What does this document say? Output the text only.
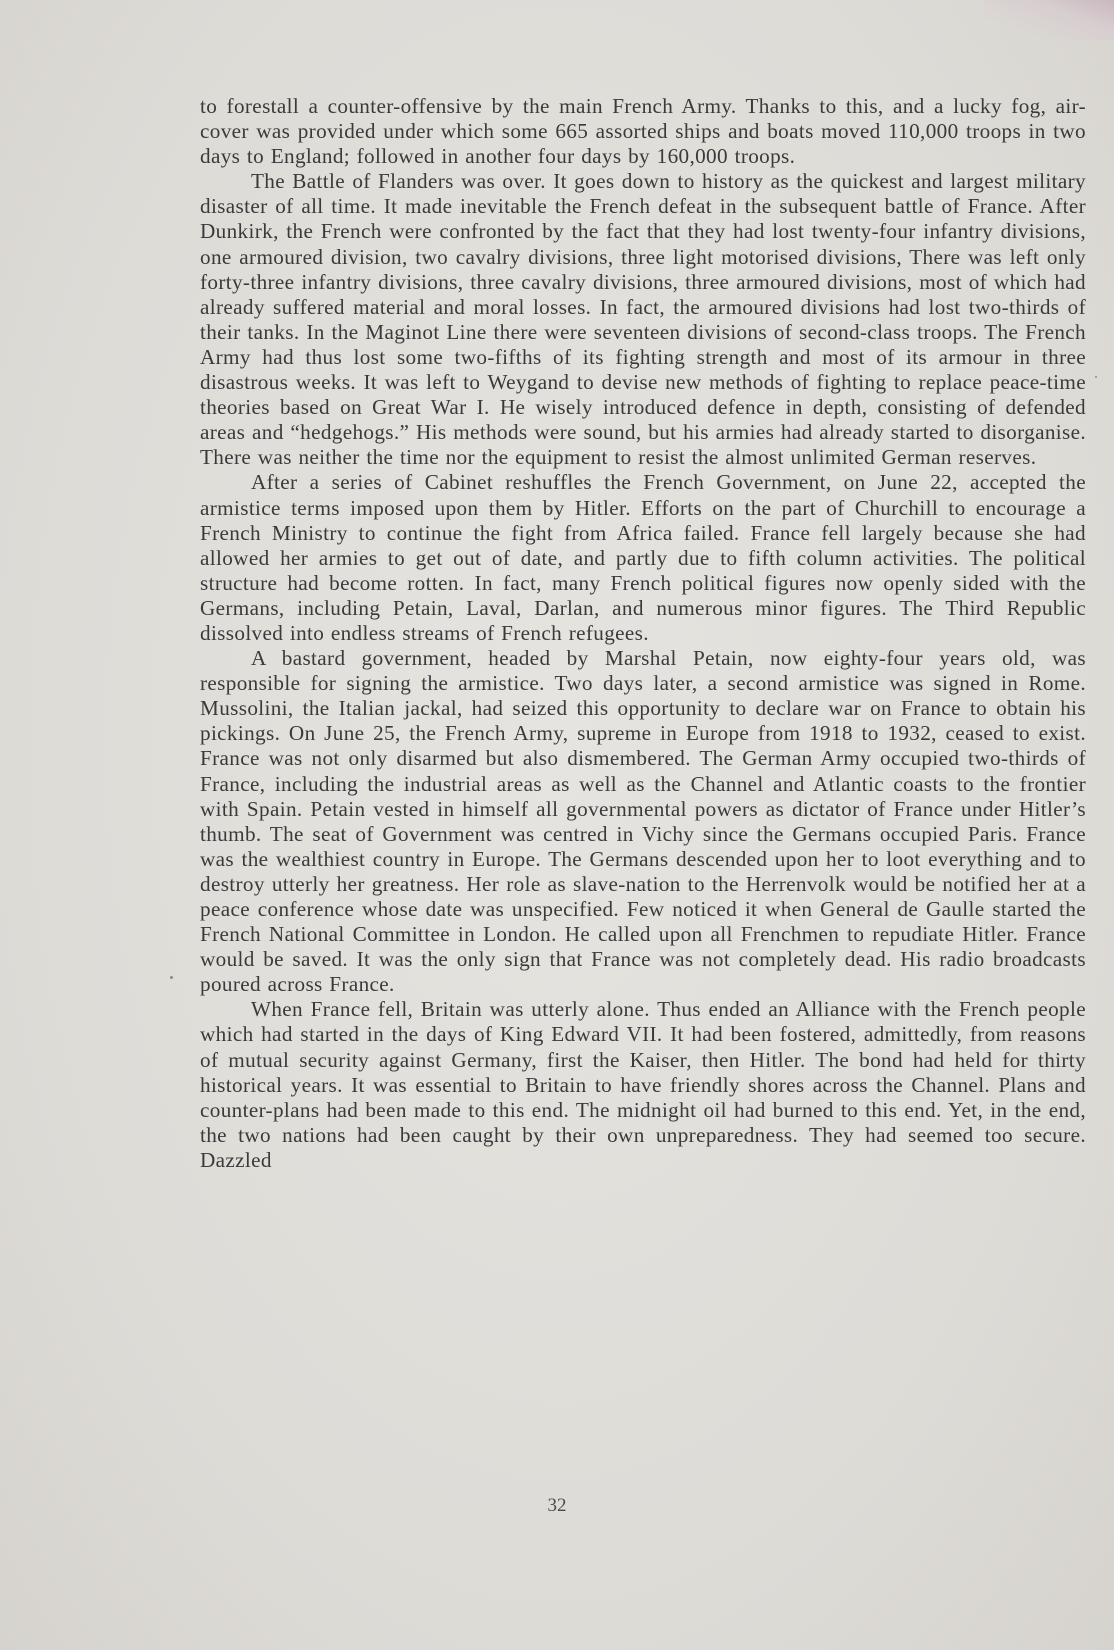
to forestall a counter-offensive by the main French Army. Thanks to this, and a lucky fog, air-cover was provided under which some 665 assorted ships and boats moved 110,000 troops in two days to England; followed in another four days by 160,000 troops.

The Battle of Flanders was over. It goes down to history as the quickest and largest military disaster of all time. It made inevitable the French defeat in the subsequent battle of France. After Dunkirk, the French were confronted by the fact that they had lost twenty-four infantry divisions, one armoured division, two cavalry divisions, three light motorised divisions, There was left only forty-three infantry divisions, three cavalry divisions, three armoured divisions, most of which had already suffered material and moral losses. In fact, the armoured divisions had lost two-thirds of their tanks. In the Maginot Line there were seventeen divisions of second-class troops. The French Army had thus lost some two-fifths of its fighting strength and most of its armour in three disastrous weeks. It was left to Weygand to devise new methods of fighting to replace peace-time theories based on Great War I. He wisely introduced defence in depth, consisting of defended areas and “hedgehogs.” His methods were sound, but his armies had already started to disorganise. There was neither the time nor the equipment to resist the almost unlimited German reserves.

After a series of Cabinet reshuffles the French Government, on June 22, accepted the armistice terms imposed upon them by Hitler. Efforts on the part of Churchill to encourage a French Ministry to continue the fight from Africa failed. France fell largely because she had allowed her armies to get out of date, and partly due to fifth column activities. The political structure had become rotten. In fact, many French political figures now openly sided with the Germans, including Petain, Laval, Darlan, and numerous minor figures. The Third Republic dissolved into endless streams of French refugees.

A bastard government, headed by Marshal Petain, now eighty-four years old, was responsible for signing the armistice. Two days later, a second armistice was signed in Rome. Mussolini, the Italian jackal, had seized this opportunity to declare war on France to obtain his pickings. On June 25, the French Army, supreme in Europe from 1918 to 1932, ceased to exist. France was not only disarmed but also dismembered. The German Army occupied two-thirds of France, including the industrial areas as well as the Channel and Atlantic coasts to the frontier with Spain. Petain vested in himself all governmental powers as dictator of France under Hitler’s thumb. The seat of Government was centred in Vichy since the Germans occupied Paris. France was the wealthiest country in Europe. The Germans descended upon her to loot everything and to destroy utterly her greatness. Her role as slave-nation to the Herrenvolk would be notified her at a peace conference whose date was unspecified. Few noticed it when General de Gaulle started the French National Committee in London. He called upon all Frenchmen to repudiate Hitler. France would be saved. It was the only sign that France was not completely dead. His radio broadcasts poured across France.

When France fell, Britain was utterly alone. Thus ended an Alliance with the French people which had started in the days of King Edward VII. It had been fostered, admittedly, from reasons of mutual security against Germany, first the Kaiser, then Hitler. The bond had held for thirty historical years. It was essential to Britain to have friendly shores across the Channel. Plans and counter-plans had been made to this end. The midnight oil had burned to this end. Yet, in the end, the two nations had been caught by their own unpreparedness. They had seemed too secure. Dazzled

32
